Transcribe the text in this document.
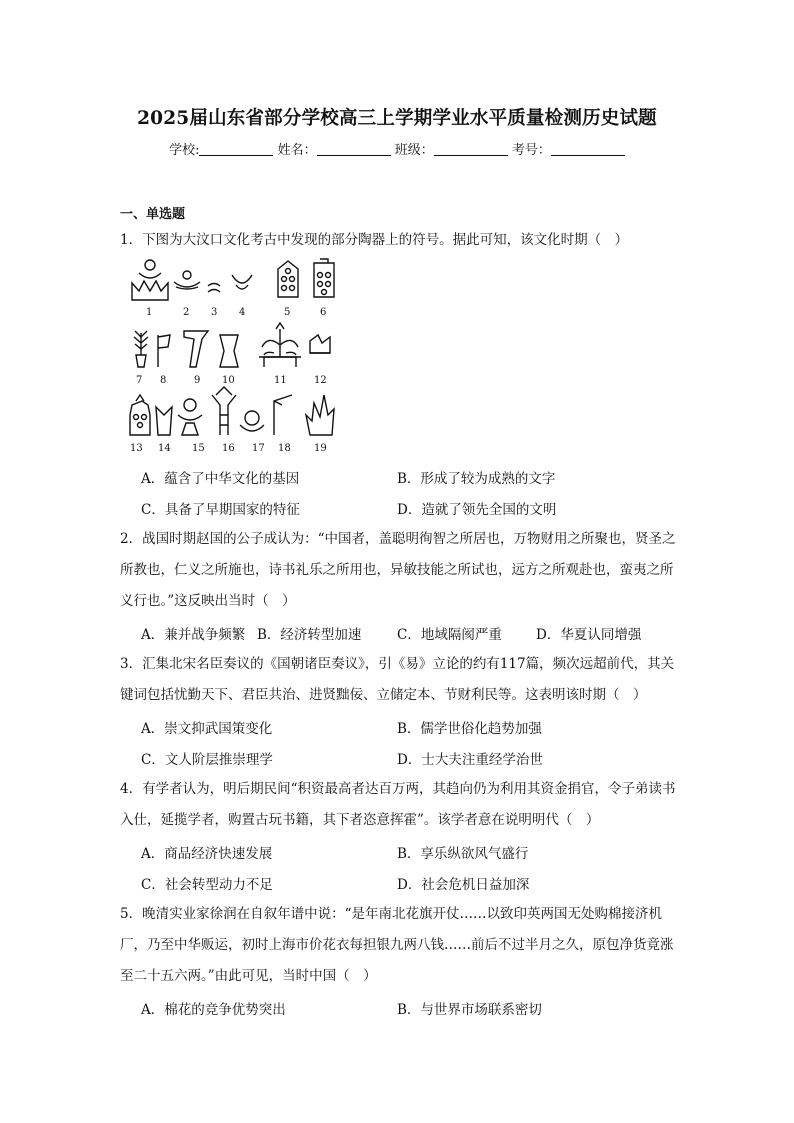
2025届山东省部分学校高三上学期学业水平质量检测历史试题
学校:	姓名：	班级：	考号：
一、单选题
1．下图为大汶口文化考古中发现的部分陶器上的符号。据此可知，该文化时期（　）
1	2 3 4	5	6
7 8	9 10	11	12
13 14 15 16 17 18 19
A．蕴含了中华文化的基因	B．形成了较为成熟的文字
C．具备了早期国家的特征	D．造就了领先全国的文明
2．战国时期赵国的公子成认为：“中国者，盖聪明徇智之所居也，万物财用之所聚也，贤圣之所教也，仁义之所施也，诗书礼乐之所用也，异敏技能之所试也，远方之所观赴也，蛮夷之所义行也。”这反映出当时（　）
A．兼并战争频繁 B．经济转型加速	C．地域隔阂严重	D．华夏认同增强
3．汇集北宋名臣奏议的《国朝诸臣奏议》，引《易》立论的约有117篇，频次远超前代，其关键词包括忧勤天下、君臣共治、进贤黜佞、立储定本、节财利民等。这表明该时期（　）
A．崇文抑武国策变化	B．儒学世俗化趋势加强
C．文人阶层推崇理学	D．士大夫注重经学治世
4．有学者认为，明后期民间“积资最高者达百万两，其趋向仍为利用其资金捐官，令子弟读书入仕，延揽学者，购置古玩书籍，其下者恣意挥霍”。该学者意在说明明代（　）
A．商品经济快速发展	B．享乐纵欲风气盛行
C．社会转型动力不足	D．社会危机日益加深
5．晚清实业家徐润在自叙年谱中说：“是年南北花旗开仗……以致印英两国无处购棉接济机厂，乃至中华贩运，初时上海市价花衣每担银九两八钱……前后不过半月之久，原包净货竟涨至二十五六两。”由此可见，当时中国（　）
A．棉花的竞争优势突出	B．与世界市场联系密切
